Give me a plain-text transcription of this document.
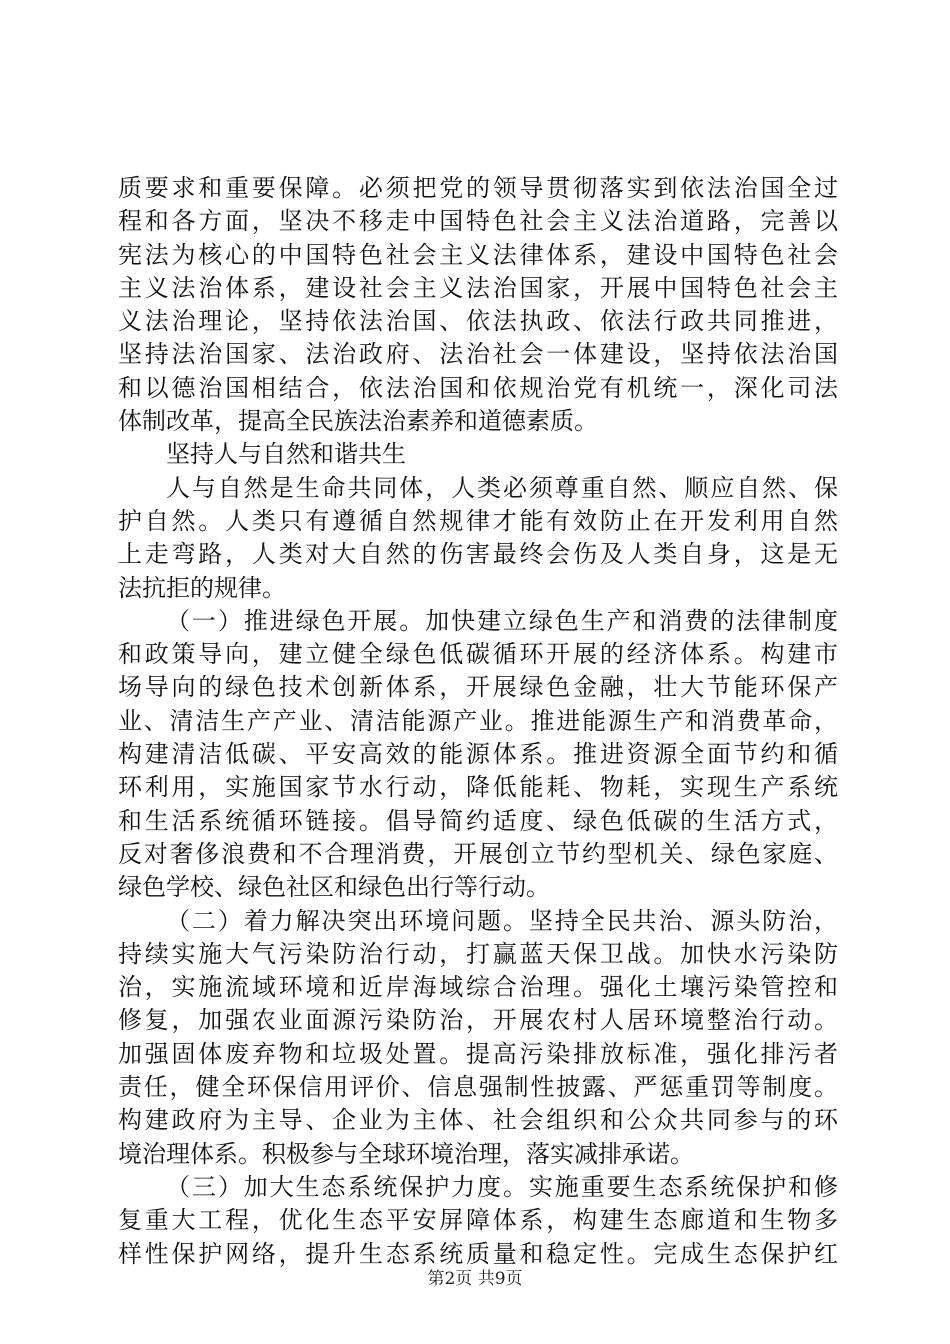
质要求和重要保障。必须把党的领导贯彻落实到依法治国全过
程和各方面，坚决不移走中国特色社会主义法治道路，完善以
宪法为核心的中国特色社会主义法律体系，建设中国特色社会
主义法治体系，建设社会主义法治国家，开展中国特色社会主
义法治理论，坚持依法治国、依法执政、依法行政共同推进，
坚持法治国家、法治政府、法治社会一体建设，坚持依法治国
和以德治国相结合，依法治国和依规治党有机统一，深化司法
体制改革，提高全民族法治素养和道德素质。
坚持人与自然和谐共生
人与自然是生命共同体，人类必须尊重自然、顺应自然、保
护自然。人类只有遵循自然规律才能有效防止在开发利用自然
上走弯路，人类对大自然的伤害最终会伤及人类自身，这是无
法抗拒的规律。
（一）推进绿色开展。加快建立绿色生产和消费的法律制度
和政策导向，建立健全绿色低碳循环开展的经济体系。构建市
场导向的绿色技术创新体系，开展绿色金融，壮大节能环保产
业、清洁生产产业、清洁能源产业。推进能源生产和消费革命，
构建清洁低碳、平安高效的能源体系。推进资源全面节约和循
环利用，实施国家节水行动，降低能耗、物耗，实现生产系统
和生活系统循环链接。倡导简约适度、绿色低碳的生活方式，
反对奢侈浪费和不合理消费，开展创立节约型机关、绿色家庭、
绿色学校、绿色社区和绿色出行等行动。
（二）着力解决突出环境问题。坚持全民共治、源头防治，
持续实施大气污染防治行动，打赢蓝天保卫战。加快水污染防
治，实施流域环境和近岸海域综合治理。强化土壤污染管控和
修复，加强农业面源污染防治，开展农村人居环境整治行动。
加强固体废弃物和垃圾处置。提高污染排放标准，强化排污者
责任，健全环保信用评价、信息强制性披露、严惩重罚等制度。
构建政府为主导、企业为主体、社会组织和公众共同参与的环
境治理体系。积极参与全球环境治理，落实减排承诺。
（三）加大生态系统保护力度。实施重要生态系统保护和修
复重大工程，优化生态平安屏障体系，构建生态廊道和生物多
样性保护网络，提升生态系统质量和稳定性。完成生态保护红
第2页 共9页
